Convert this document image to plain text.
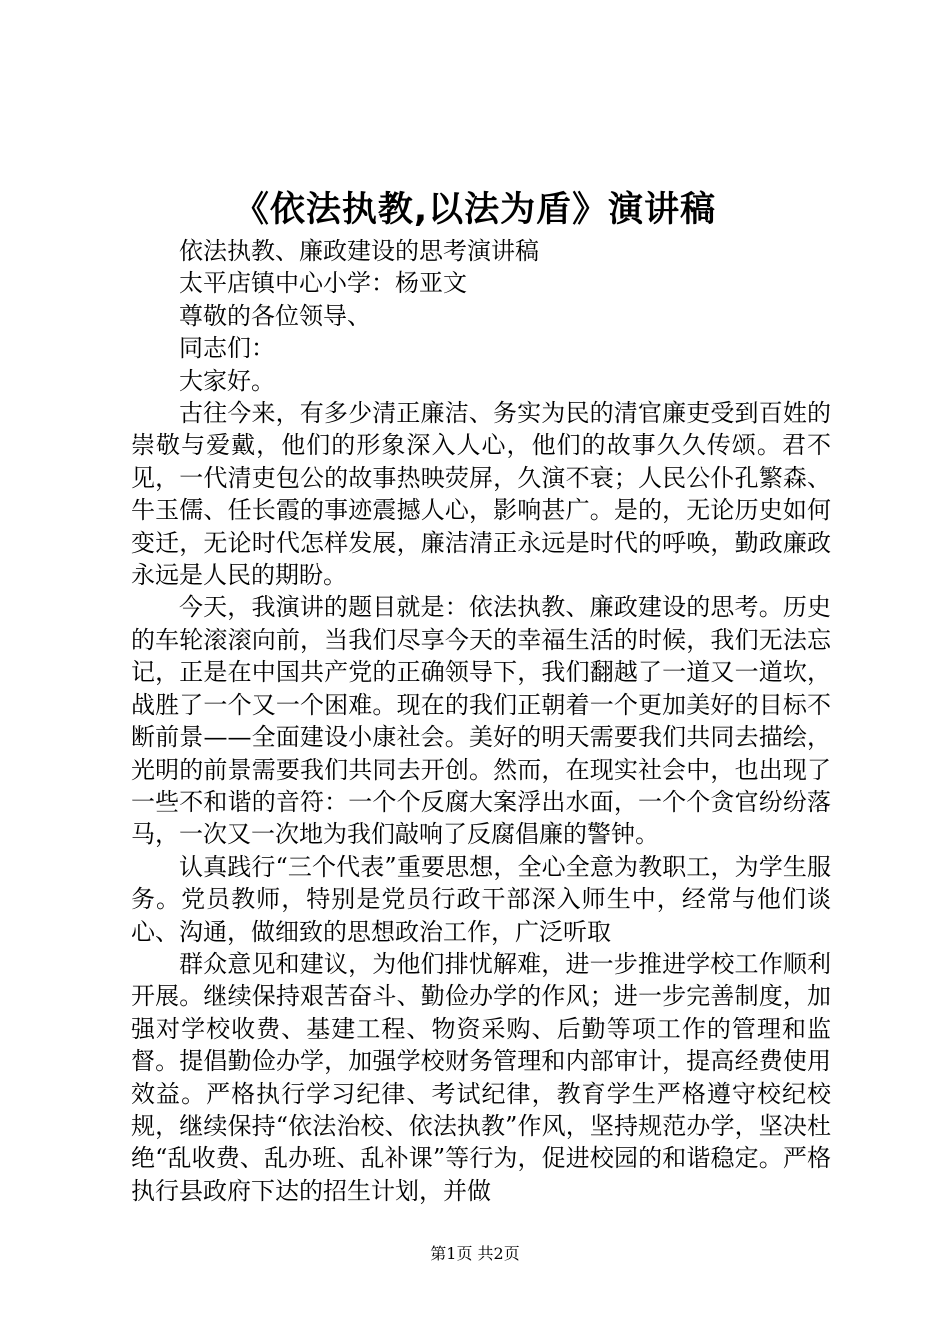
《依法执教,以法为盾》演讲稿

依法执教、廉政建设的思考演讲稿

太平店镇中心小学：杨亚文

尊敬的各位领导、

同志们：

大家好。

古往今来，有多少清正廉洁、务实为民的清官廉吏受到百姓的崇敬与爱戴，他们的形象深入人心，他们的故事久久传颂。君不见，一代清吏包公的故事热映荧屏，久演不衰；人民公仆孔繁森、牛玉儒、任长霞的事迹震撼人心，影响甚广。是的，无论历史如何变迁，无论时代怎样发展，廉洁清正永远是时代的呼唤，勤政廉政永远是人民的期盼。

今天，我演讲的题目就是：依法执教、廉政建设的思考。历史的车轮滚滚向前，当我们尽享今天的幸福生活的时候，我们无法忘记，正是在中国共产党的正确领导下，我们翻越了一道又一道坎，战胜了一个又一个困难。现在的我们正朝着一个更加美好的目标不断前景——全面建设小康社会。美好的明天需要我们共同去描绘，光明的前景需要我们共同去开创。然而，在现实社会中，也出现了一些不和谐的音符：一个个反腐大案浮出水面，一个个贪官纷纷落马，一次又一次地为我们敲响了反腐倡廉的警钟。

认真践行“三个代表”重要思想，全心全意为教职工，为学生服务。党员教师，特别是党员行政干部深入师生中，经常与他们谈心、沟通，做细致的思想政治工作，广泛听取

群众意见和建议，为他们排忧解难，进一步推进学校工作顺利开展。继续保持艰苦奋斗、勤俭办学的作风；进一步完善制度，加强对学校收费、基建工程、物资采购、后勤等项工作的管理和监督。提倡勤俭办学，加强学校财务管理和内部审计，提高经费使用效益。严格执行学习纪律、考试纪律，教育学生严格遵守校纪校规，继续保持“依法治校、依法执教”作风，坚持规范办学，坚决杜绝“乱收费、乱办班、乱补课”等行为，促进校园的和谐稳定。严格执行县政府下达的招生计划，并做

第1页 共2页
